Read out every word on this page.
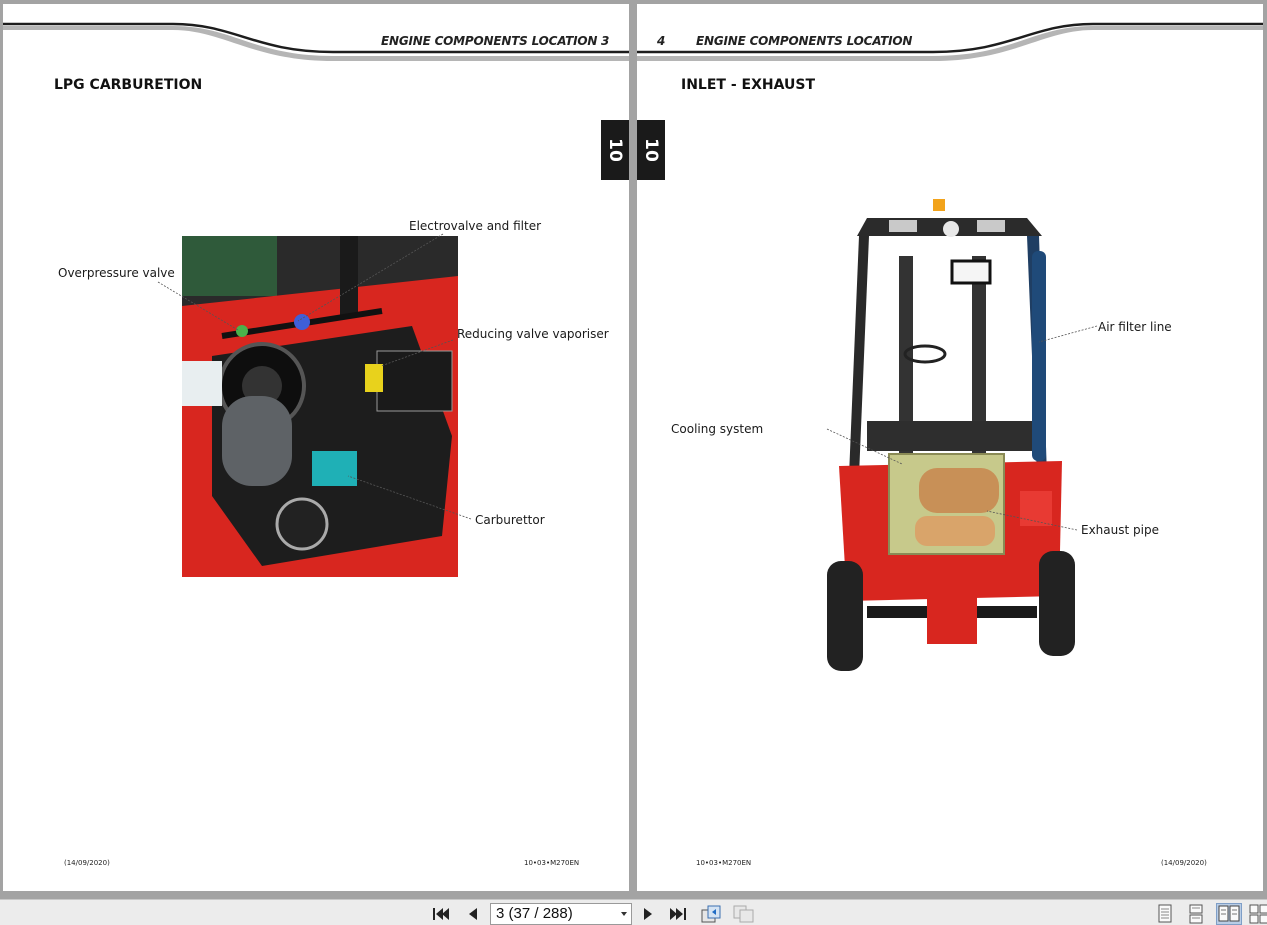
ENGINE COMPONENTS LOCATION 3
LPG CARBURETION
10
Electrovalve and filter
Overpressure valve
Reducing valve vaporiser
Carburettor
(14/09/2020)	10•03•M270EN
4	ENGINE COMPONENTS LOCATION
INLET - EXHAUST
10
Air filter line
Cooling system
Exhaust pipe
10•03•M270EN	(14/09/2020)
3 (37 / 288)
